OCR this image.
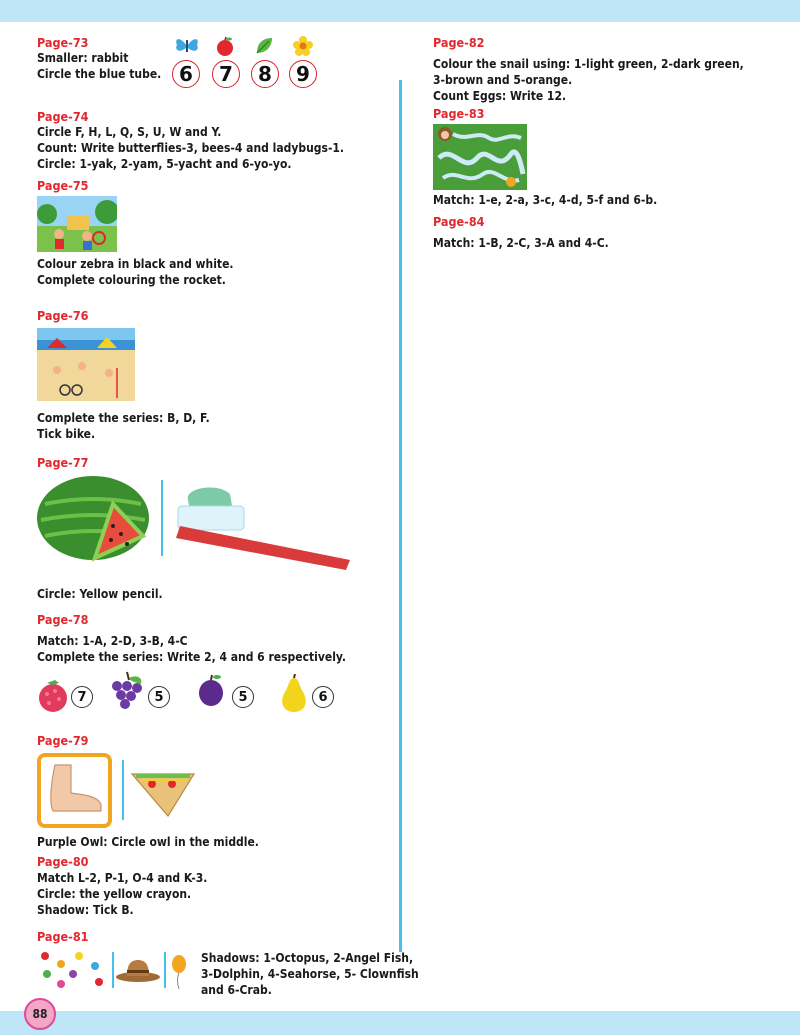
Page-73
Smaller: rabbit
Circle the blue tube. 6	7	8	9
Page-74
Circle F, H, L, Q, S, U, W and Y.
Count: Write butterflies-3, bees-4 and ladybugs-1.
Circle: 1-yak, 2-yam, 5-yacht and 6-yo-yo.
Page-75
Colour zebra in black and white.
Complete colouring the rocket.
Page-76
Complete the series: B, D, F.
Tick bike.
Page-77
Circle: Yellow pencil.
Page-78
Match: 1-A, 2-D, 3-B, 4-C
Complete the series: Write 2, 4 and 6 respectively.
7	5	5	6
Page-79
Purple Owl: Circle owl in the middle.
Page-80
Match L-2, P-1, O-4 and K-3.
Circle: the yellow crayon.
Shadow: Tick B.
Page-81
Shadows: 1-Octopus, 2-Angel Fish,
3-Dolphin, 4-Seahorse, 5- Clownfish
and 6-Crab.
Page-82
Colour the snail using: 1-light green, 2-dark green,
3-brown and 5-orange.
Count Eggs: Write 12.
Page-83
Match: 1-e, 2-a, 3-c, 4-d, 5-f and 6-b.
Page-84
Match: 1-B, 2-C, 3-A and 4-C.
88
